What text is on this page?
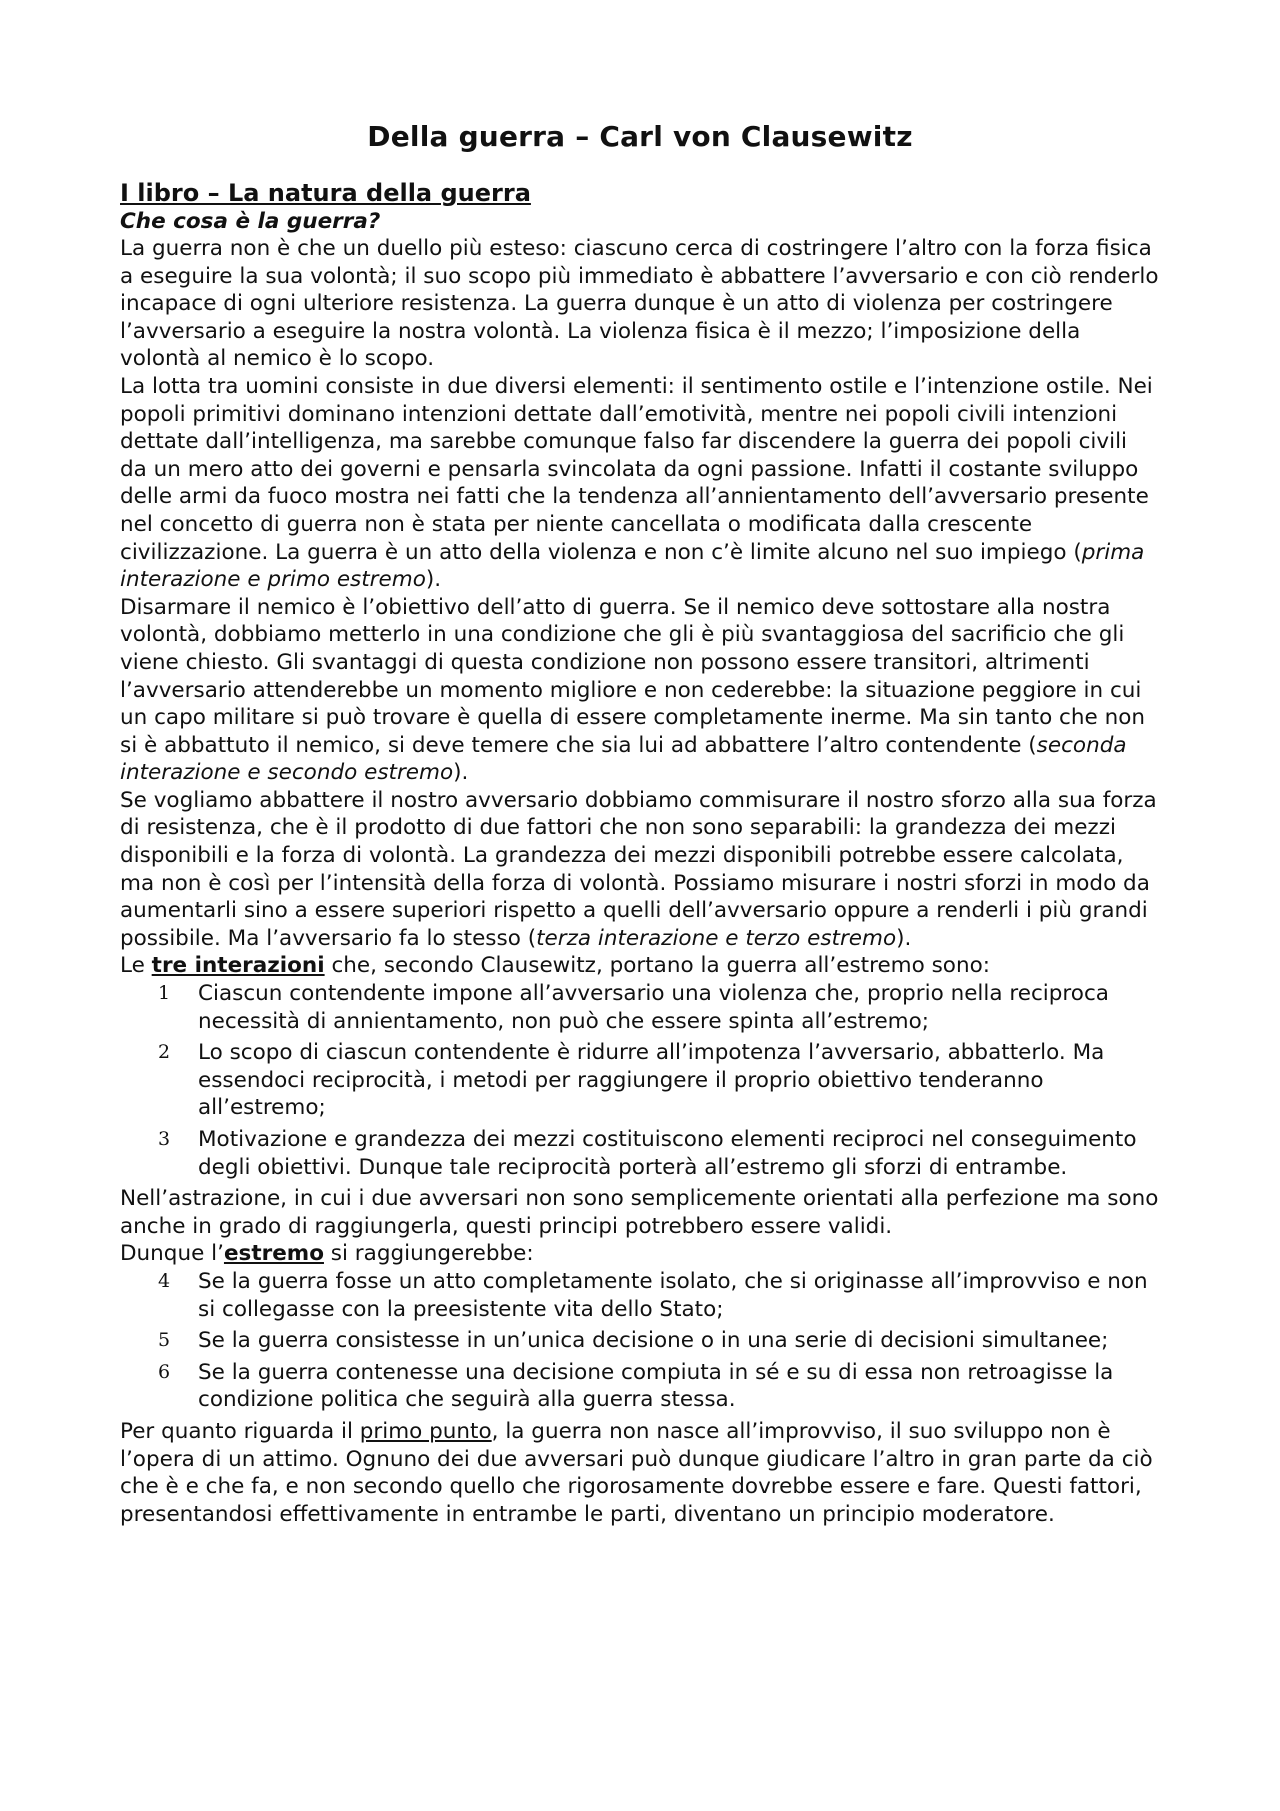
Della guerra – Carl von Clausewitz
I libro – La natura della guerra
Che cosa è la guerra?

La guerra non è che un duello più esteso: ciascuno cerca di costringere l’altro con la forza fisica a eseguire la sua volontà; il suo scopo più immediato è abbattere l’avversario e con ciò renderlo incapace di ogni ulteriore resistenza. La guerra dunque è un atto di violenza per costringere l’avversario a eseguire la nostra volontà. La violenza fisica è il mezzo; l’imposizione della volontà al nemico è lo scopo.

La lotta tra uomini consiste in due diversi elementi: il sentimento ostile e l’intenzione ostile. Nei popoli primitivi dominano intenzioni dettate dall’emotività, mentre nei popoli civili intenzioni dettate dall’intelligenza, ma sarebbe comunque falso far discendere la guerra dei popoli civili da un mero atto dei governi e pensarla svincolata da ogni passione. Infatti il costante sviluppo delle armi da fuoco mostra nei fatti che la tendenza all’annientamento dell’avversario presente nel concetto di guerra non è stata per niente cancellata o modificata dalla crescente civilizzazione. La guerra è un atto della violenza e non c’è limite alcuno nel suo impiego (prima interazione e primo estremo).

Disarmare il nemico è l’obiettivo dell’atto di guerra. Se il nemico deve sottostare alla nostra volontà, dobbiamo metterlo in una condizione che gli è più svantaggiosa del sacrificio che gli viene chiesto. Gli svantaggi di questa condizione non possono essere transitori, altrimenti l’avversario attenderebbe un momento migliore e non cederebbe: la situazione peggiore in cui un capo militare si può trovare è quella di essere completamente inerme. Ma sin tanto che non si è abbattuto il nemico, si deve temere che sia lui ad abbattere l’altro contendente (seconda interazione e secondo estremo).

Se vogliamo abbattere il nostro avversario dobbiamo commisurare il nostro sforzo alla sua forza di resistenza, che è il prodotto di due fattori che non sono separabili: la grandezza dei mezzi disponibili e la forza di volontà. La grandezza dei mezzi disponibili potrebbe essere calcolata, ma non è così per l’intensità della forza di volontà. Possiamo misurare i nostri sforzi in modo da aumentarli sino a essere superiori rispetto a quelli dell’avversario oppure a renderli i più grandi possibile. Ma l’avversario fa lo stesso (terza interazione e terzo estremo).

Le tre interazioni che, secondo Clausewitz, portano la guerra all’estremo sono:

1	Ciascun contendente impone all’avversario una violenza che, proprio nella reciproca necessità di annientamento, non può che essere spinta all’estremo;
2	Lo scopo di ciascun contendente è ridurre all’impotenza l’avversario, abbatterlo. Ma essendoci reciprocità, i metodi per raggiungere il proprio obiettivo tenderanno all’estremo;
3	Motivazione e grandezza dei mezzi costituiscono elementi reciproci nel conseguimento degli obiettivi. Dunque tale reciprocità porterà all’estremo gli sforzi di entrambe.

Nell’astrazione, in cui i due avversari non sono semplicemente orientati alla perfezione ma sono anche in grado di raggiungerla, questi principi potrebbero essere validi.

Dunque l’estremo si raggiungerebbe:

4	Se la guerra fosse un atto completamente isolato, che si originasse all’improvviso e non si collegasse con la preesistente vita dello Stato;
5	Se la guerra consistesse in un’unica decisione o in una serie di decisioni simultanee;
6	Se la guerra contenesse una decisione compiuta in sé e su di essa non retroagisse la condizione politica che seguirà alla guerra stessa.

Per quanto riguarda il primo punto, la guerra non nasce all’improvviso, il suo sviluppo non è l’opera di un attimo. Ognuno dei due avversari può dunque giudicare l’altro in gran parte da ciò che è e che fa, e non secondo quello che rigorosamente dovrebbe essere e fare. Questi fattori, presentandosi effettivamente in entrambe le parti, diventano un principio moderatore.
